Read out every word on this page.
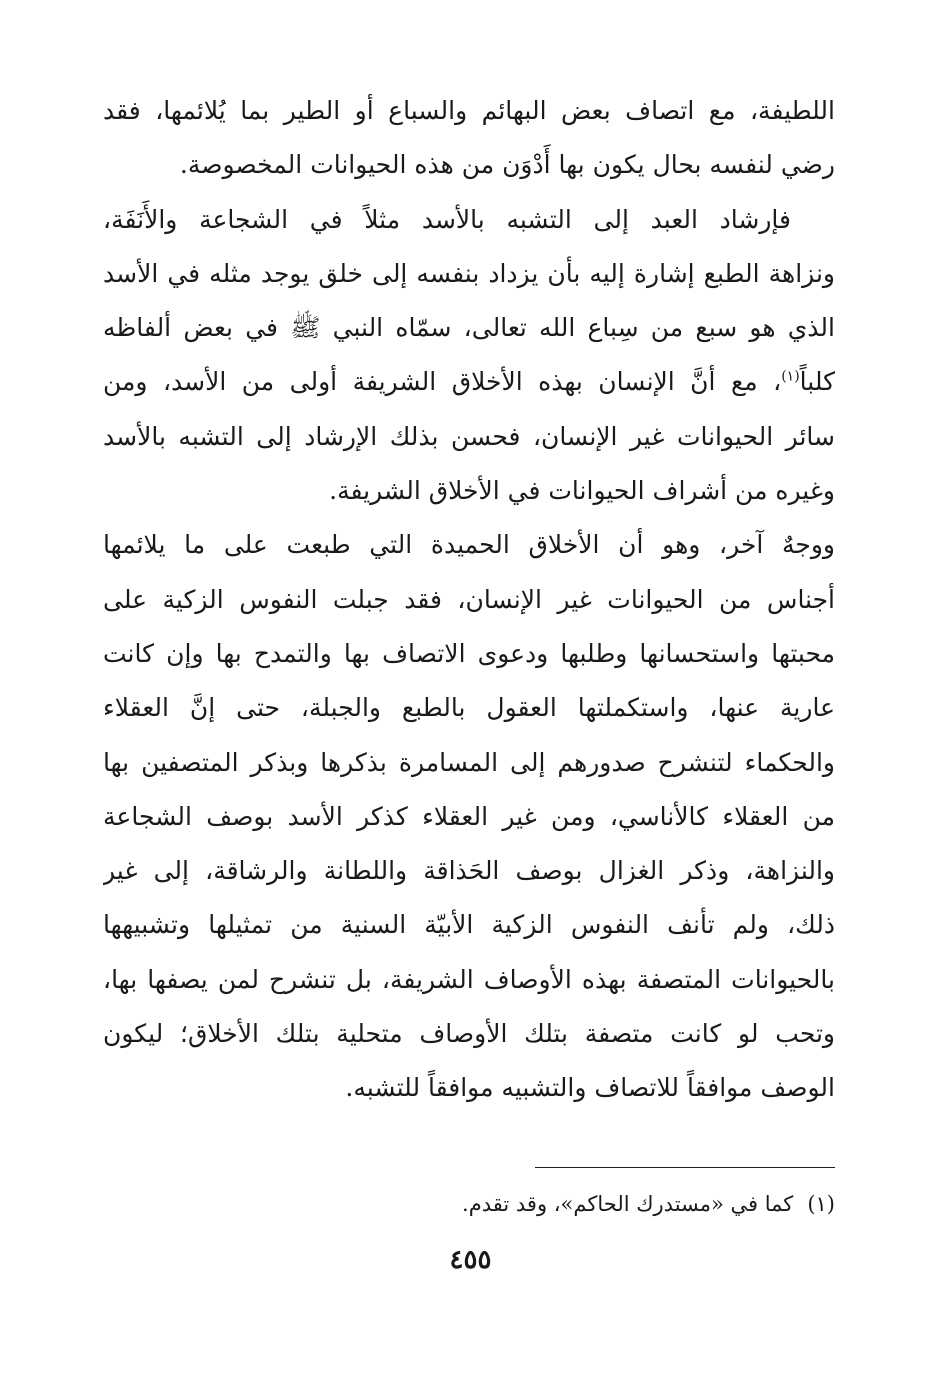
اللطيفة، مع اتصاف بعض البهائم والسباع أو الطير بما يُلائمها، فقد
رضي لنفسه بحال يكون بها أَدْوَن من هذه الحيوانات المخصوصة.
فإرشاد العبد إلى التشبه بالأسد مثلاً في الشجاعة والأَنَفَة،
ونزاهة الطبع إشارة إليه بأن يزداد بنفسه إلى خلق يوجد مثله في الأسد
الذي هو سبع من سِباع الله تعالى، سمّاه النبي ﷺ في بعض ألفاظه
كلباً$^{(١)}$، مع أنَّ الإنسان بهذه الأخلاق الشريفة أولى من الأسد، ومن
سائر الحيوانات غير الإنسان، فحسن بذلك الإرشاد إلى التشبه بالأسد
وغيره من أشراف الحيوانات في الأخلاق الشريفة.
ووجهٌ آخر، وهو أن الأخلاق الحميدة التي طبعت على ما يلائمها
أجناس من الحيوانات غير الإنسان، فقد جبلت النفوس الزكية على
محبتها واستحسانها وطلبها ودعوى الاتصاف بها والتمدح بها وإن كانت
عارية عنها، واستكملتها العقول بالطبع والجبلة، حتى إنَّ العقلاء
والحكماء لتنشرح صدورهم إلى المسامرة بذكرها وبذكر المتصفين بها
من العقلاء كالأناسي، ومن غير العقلاء كذكر الأسد بوصف الشجاعة
والنزاهة، وذكر الغزال بوصف الحَذاقة واللطانة والرشاقة، إلى غير
ذلك، ولم تأنف النفوس الزكية الأبيّة السنية من تمثيلها وتشبيهها
بالحيوانات المتصفة بهذه الأوصاف الشريفة، بل تنشرح لمن يصفها بها،
وتحب لو كانت متصفة بتلك الأوصاف متحلية بتلك الأخلاق؛ ليكون
الوصف موافقاً للاتصاف والتشبيه موافقاً للتشبه.
(١)كما في «مستدرك الحاكم»، وقد تقدم.
٤٥٥
